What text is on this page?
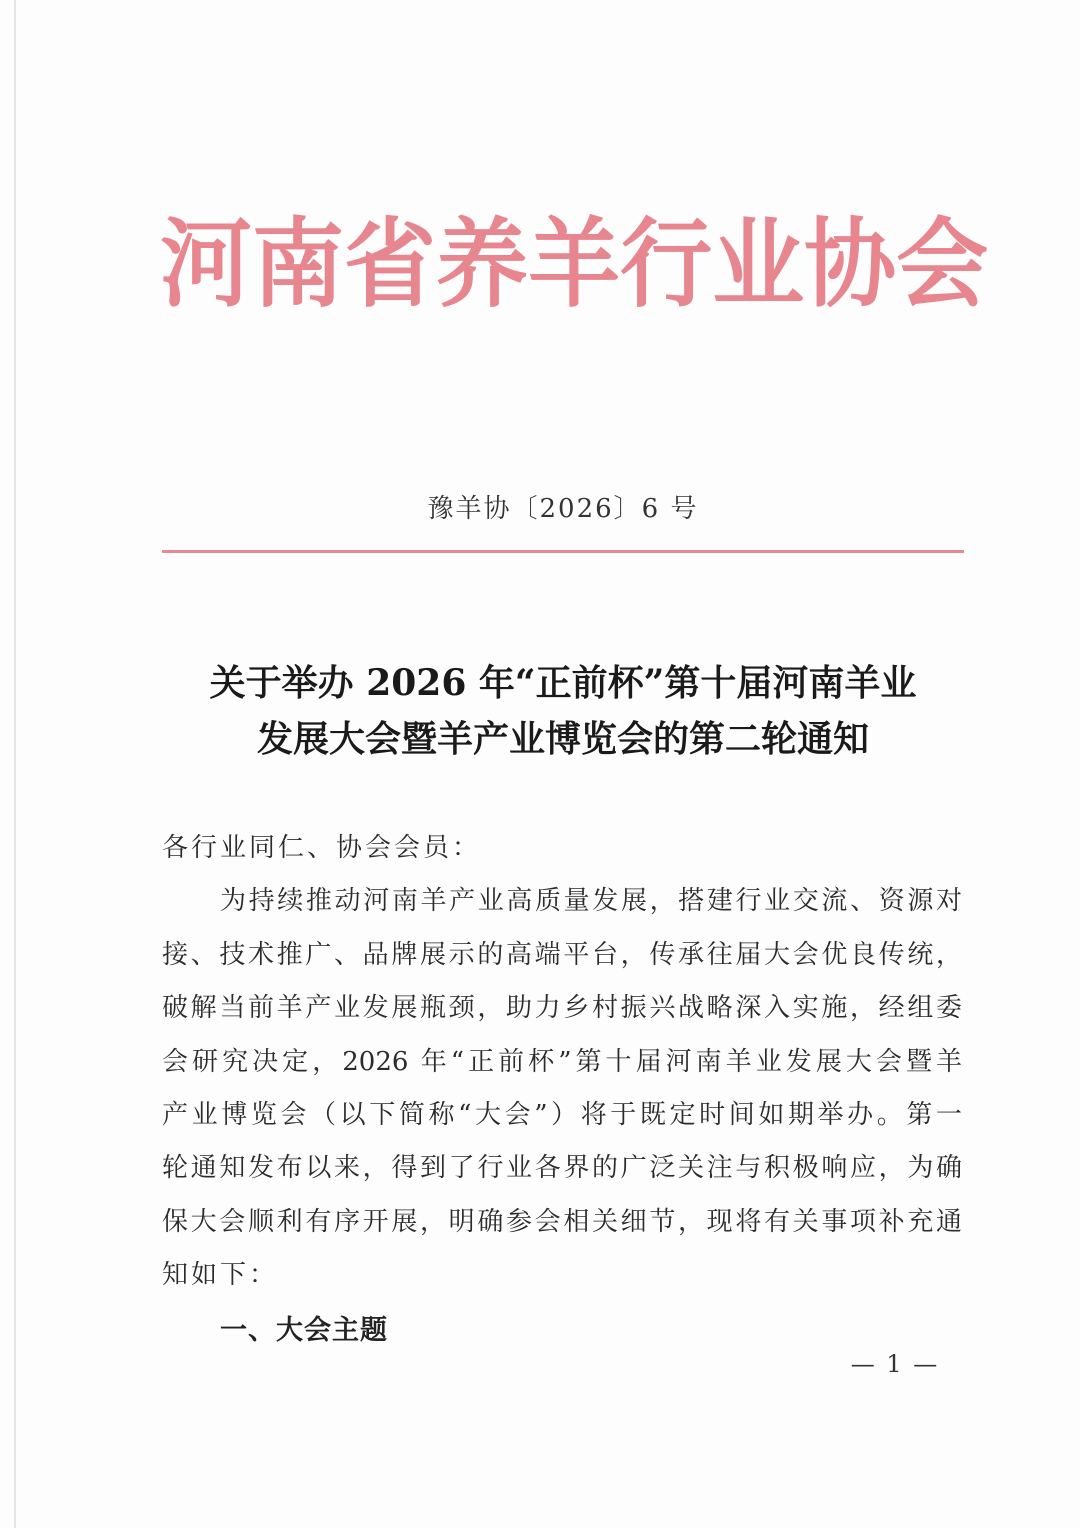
河 南 省 养 羊 行 业 协 会
豫羊协〔2026〕6 号
关于举办 2026 年“正前杯”第十届河南羊业
发展大会暨羊产业博览会的第二轮通知
各行业同仁、协会会员：
为持续推动河南羊产业高质量发展，搭建行业交流、资源对
接、技术推广、品牌展示的高端平台，传承往届大会优良传统，
破解当前羊产业发展瓶颈，助力乡村振兴战略深入实施，经组委
会研究决定，2026 年“正前杯”第十届河南羊业发展大会暨羊
产业博览会（以下简称“大会”）将于既定时间如期举办。第一
轮通知发布以来，得到了行业各界的广泛关注与积极响应，为确
保大会顺利有序开展，明确参会相关细节，现将有关事项补充通
知如下：
一、大会主题
— 1 —
